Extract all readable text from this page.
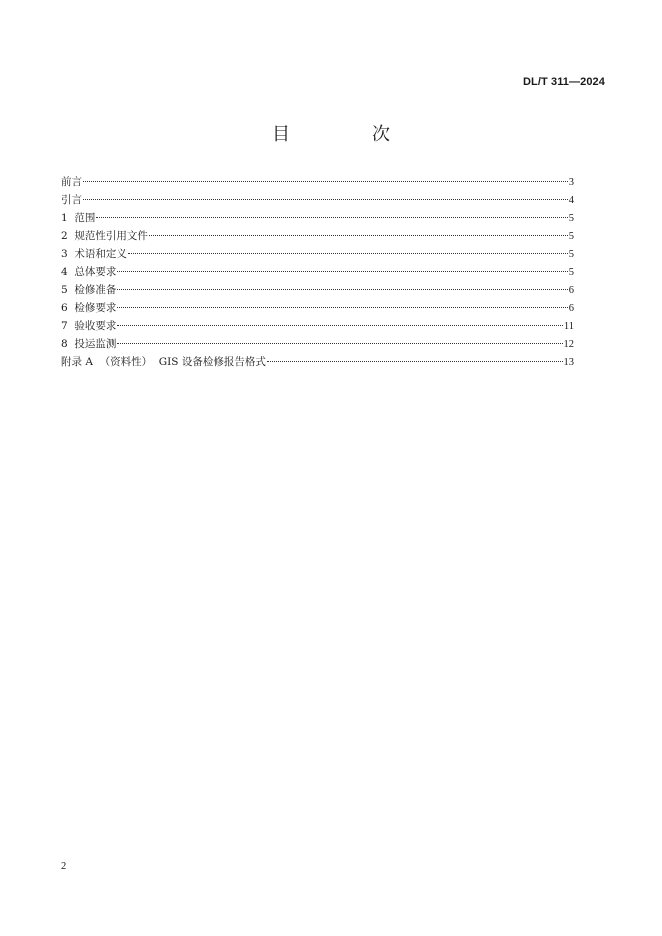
DL/T 311—2024
目　次
前言	3
引言	4
1  范围	5
2  规范性引用文件	5
3  术语和定义	5
4  总体要求	5
5  检修准备	6
6  检修要求	6
7  验收要求	11
8  投运监测	12
附录 A  （资料性）  GIS 设备检修报告格式	13
2
